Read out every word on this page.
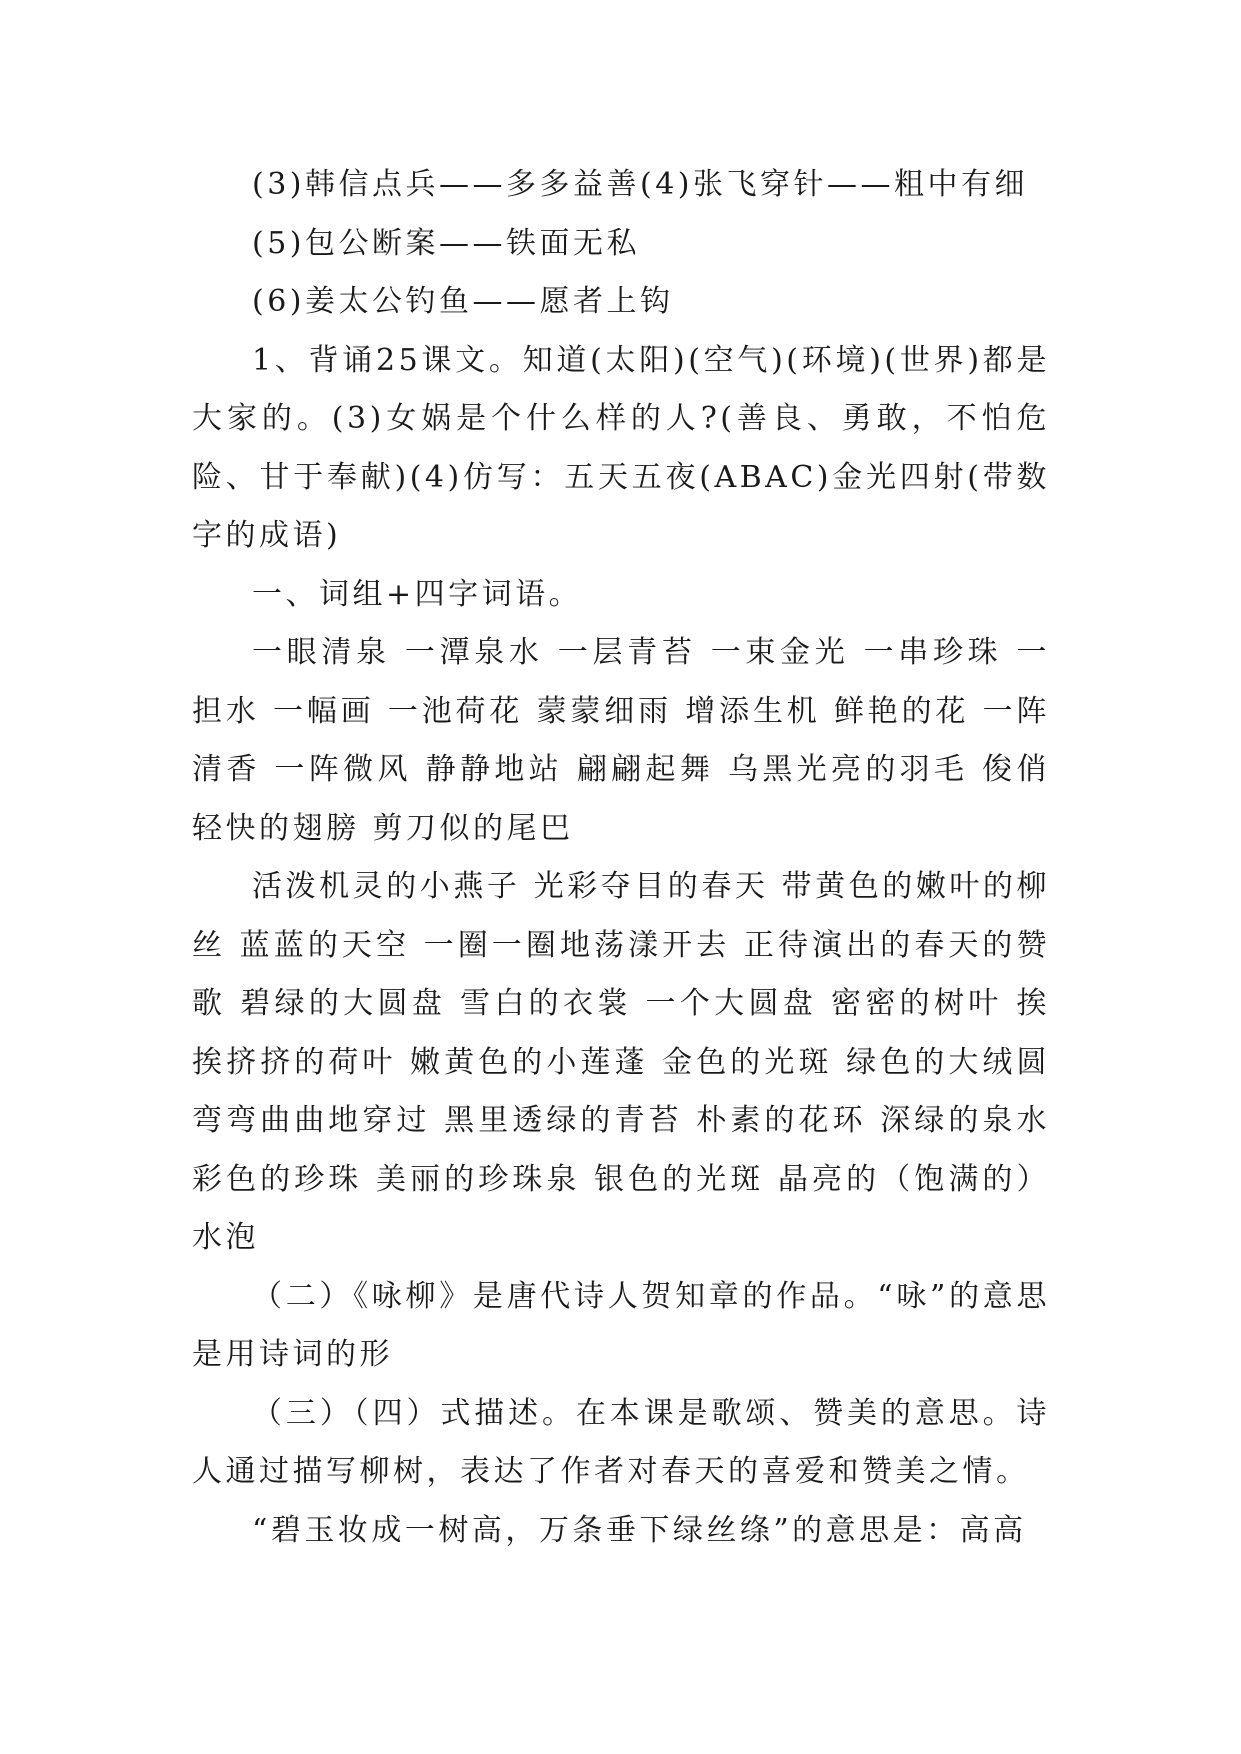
(3)韩信点兵——多多益善(4)张飞穿针——粗中有细

(5)包公断案——铁面无私

(6)姜太公钓鱼——愿者上钩

1、背诵25课文。知道(太阳)(空气)(环境)(世界)都是大家的。(3)女娲是个什么样的人?(善良、勇敢，不怕危险、甘于奉献)(4)仿写：五天五夜(ABAC)金光四射(带数字的成语)

一、词组+四字词语。

一眼清泉 一潭泉水 一层青苔 一束金光 一串珍珠 一担水 一幅画 一池荷花 蒙蒙细雨 增添生机 鲜艳的花 一阵清香 一阵微风 静静地站 翩翩起舞 乌黑光亮的羽毛 俊俏轻快的翅膀 剪刀似的尾巴

活泼机灵的小燕子 光彩夺目的春天 带黄色的嫩叶的柳丝 蓝蓝的天空 一圈一圈地荡漾开去 正待演出的春天的赞歌 碧绿的大圆盘 雪白的衣裳 一个大圆盘 密密的树叶 挨挨挤挤的荷叶 嫩黄色的小莲蓬 金色的光斑 绿色的大绒圆 弯弯曲曲地穿过 黑里透绿的青苔 朴素的花环 深绿的泉水 彩色的珍珠 美丽的珍珠泉 银色的光斑 晶亮的（饱满的）水泡

（二）《咏柳》是唐代诗人贺知章的作品。“咏”的意思是用诗词的形

（三）（四）式描述。在本课是歌颂、赞美的意思。诗人通过描写柳树，表达了作者对春天的喜爱和赞美之情。

“碧玉妆成一树高，万条垂下绿丝绦”的意思是：高高
